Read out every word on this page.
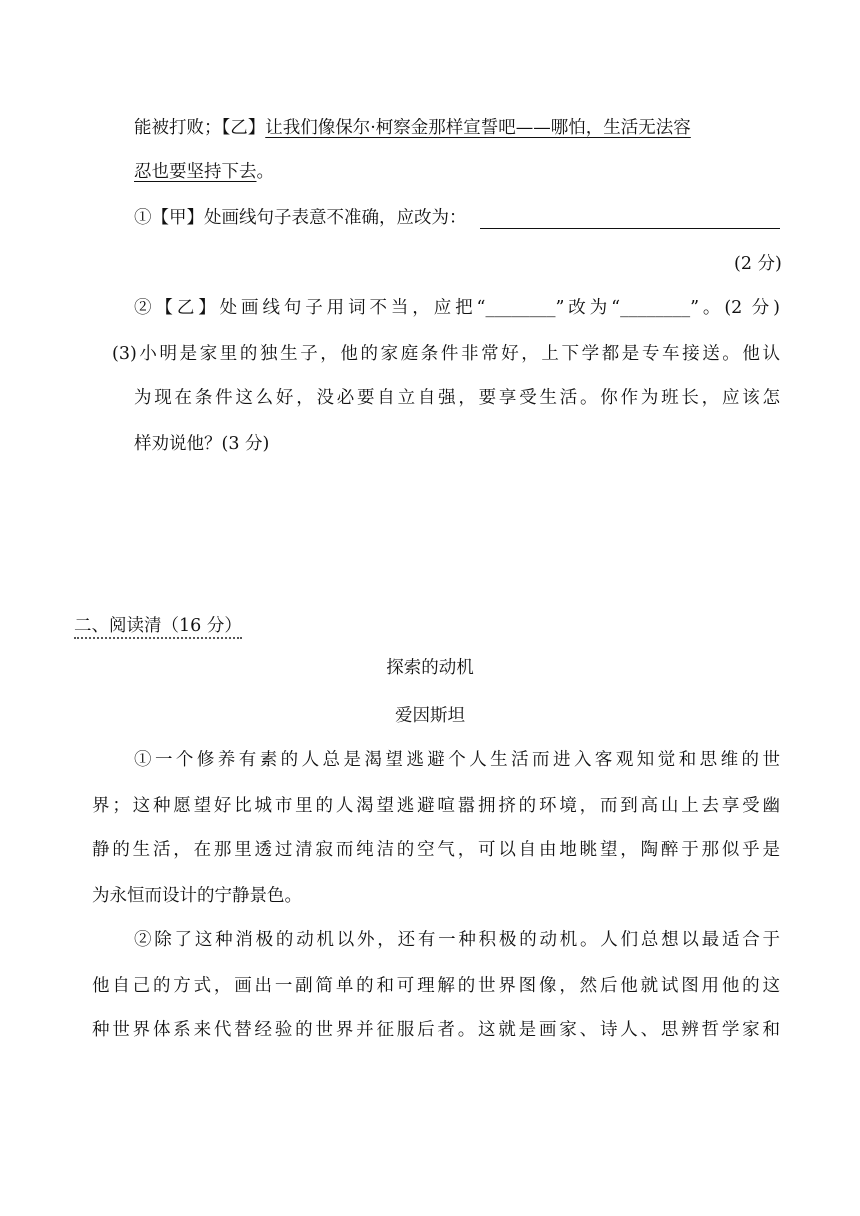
能被打败；【乙】让我们像保尔·柯察金那样宣誓吧——哪怕，生活无法容
忍也要坚持下去。
①【甲】处画线句子表意不准确，应改为：
(2 分)
②【乙】处画线句子用词不当，应把“________”改为“________”。(2 分)
(3)小明是家里的独生子，他的家庭条件非常好，上下学都是专车接送。他认
为现在条件这么好，没必要自立自强，要享受生活。你作为班长，应该怎
样劝说他？(3 分)
二、阅读清（16 分）
探索的动机
爱因斯坦
①一个修养有素的人总是渴望逃避个人生活而进入客观知觉和思维的世
界；这种愿望好比城市里的人渴望逃避喧嚣拥挤的环境，而到高山上去享受幽
静的生活，在那里透过清寂而纯洁的空气，可以自由地眺望，陶醉于那似乎是
为永恒而设计的宁静景色。
②除了这种消极的动机以外，还有一种积极的动机。人们总想以最适合于
他自己的方式，画出一副简单的和可理解的世界图像，然后他就试图用他的这
种世界体系来代替经验的世界并征服后者。这就是画家、诗人、思辨哲学家和
